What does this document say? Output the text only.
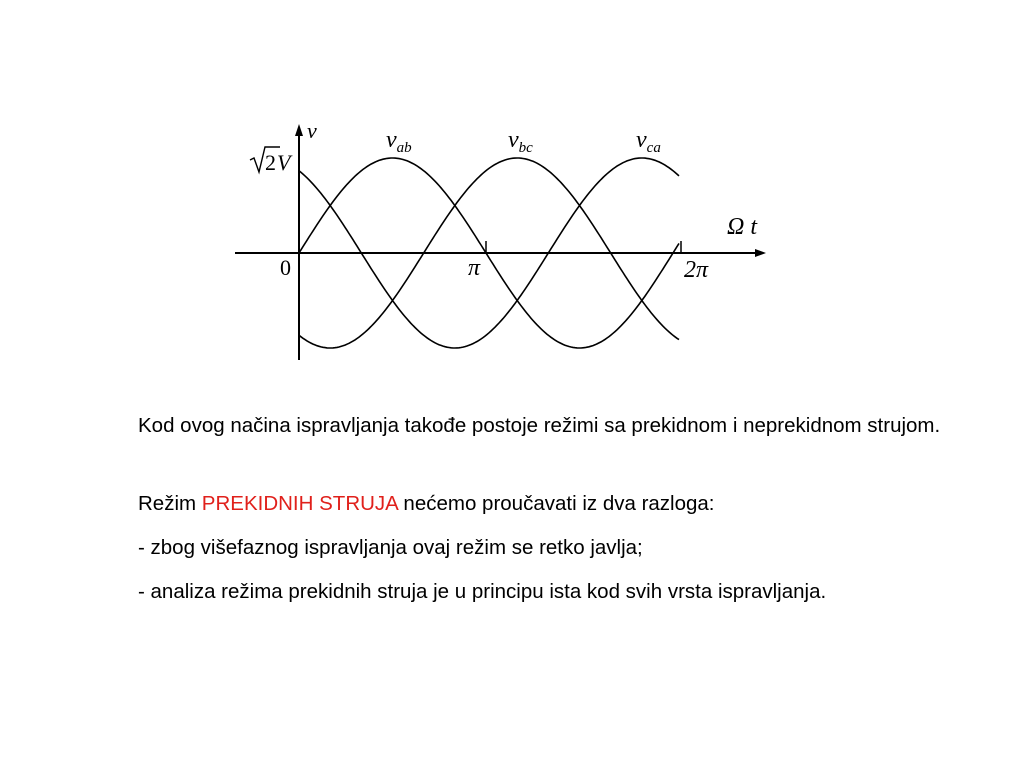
v	vab	vbc	vca
2 V
Ω t
0	π	2π

Kod ovog načina ispravljanja takođe postoje režimi sa prekidnom i neprekidnom strujom.

Režim PREKIDNIH STRUJA nećemo proučavati iz dva razloga:

- zbog višefaznog ispravljanja ovaj režim se retko javlja;

- analiza režima prekidnih struja je u principu ista kod svih vrsta ispravljanja.
